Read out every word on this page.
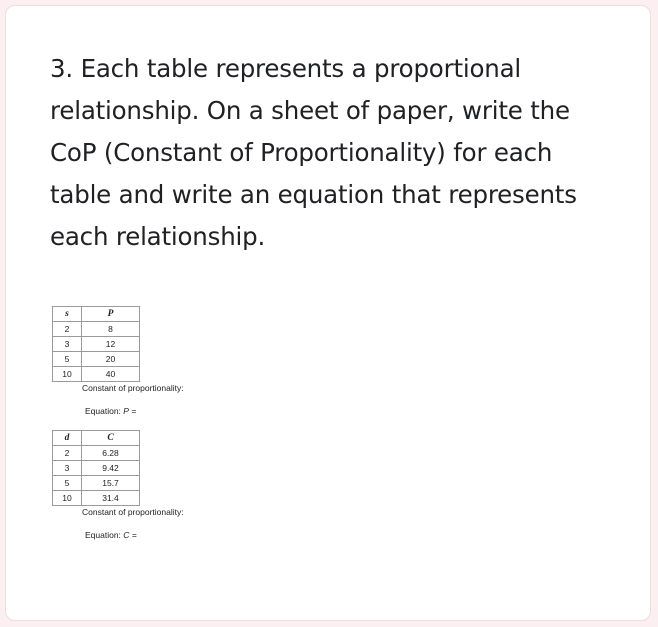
3. Each table represents a proportional
relationship. On a sheet of paper, write the
CoP (Constant of Proportionality) for each
table and write an equation that represents
each relationship.
s	P
2	8
3	12
5	20
10	40
Constant of proportionality:
Equation: P =
d	C
2	6.28
3	9.42
5	15.7
10	31.4
Constant of proportionality:
Equation: C =
